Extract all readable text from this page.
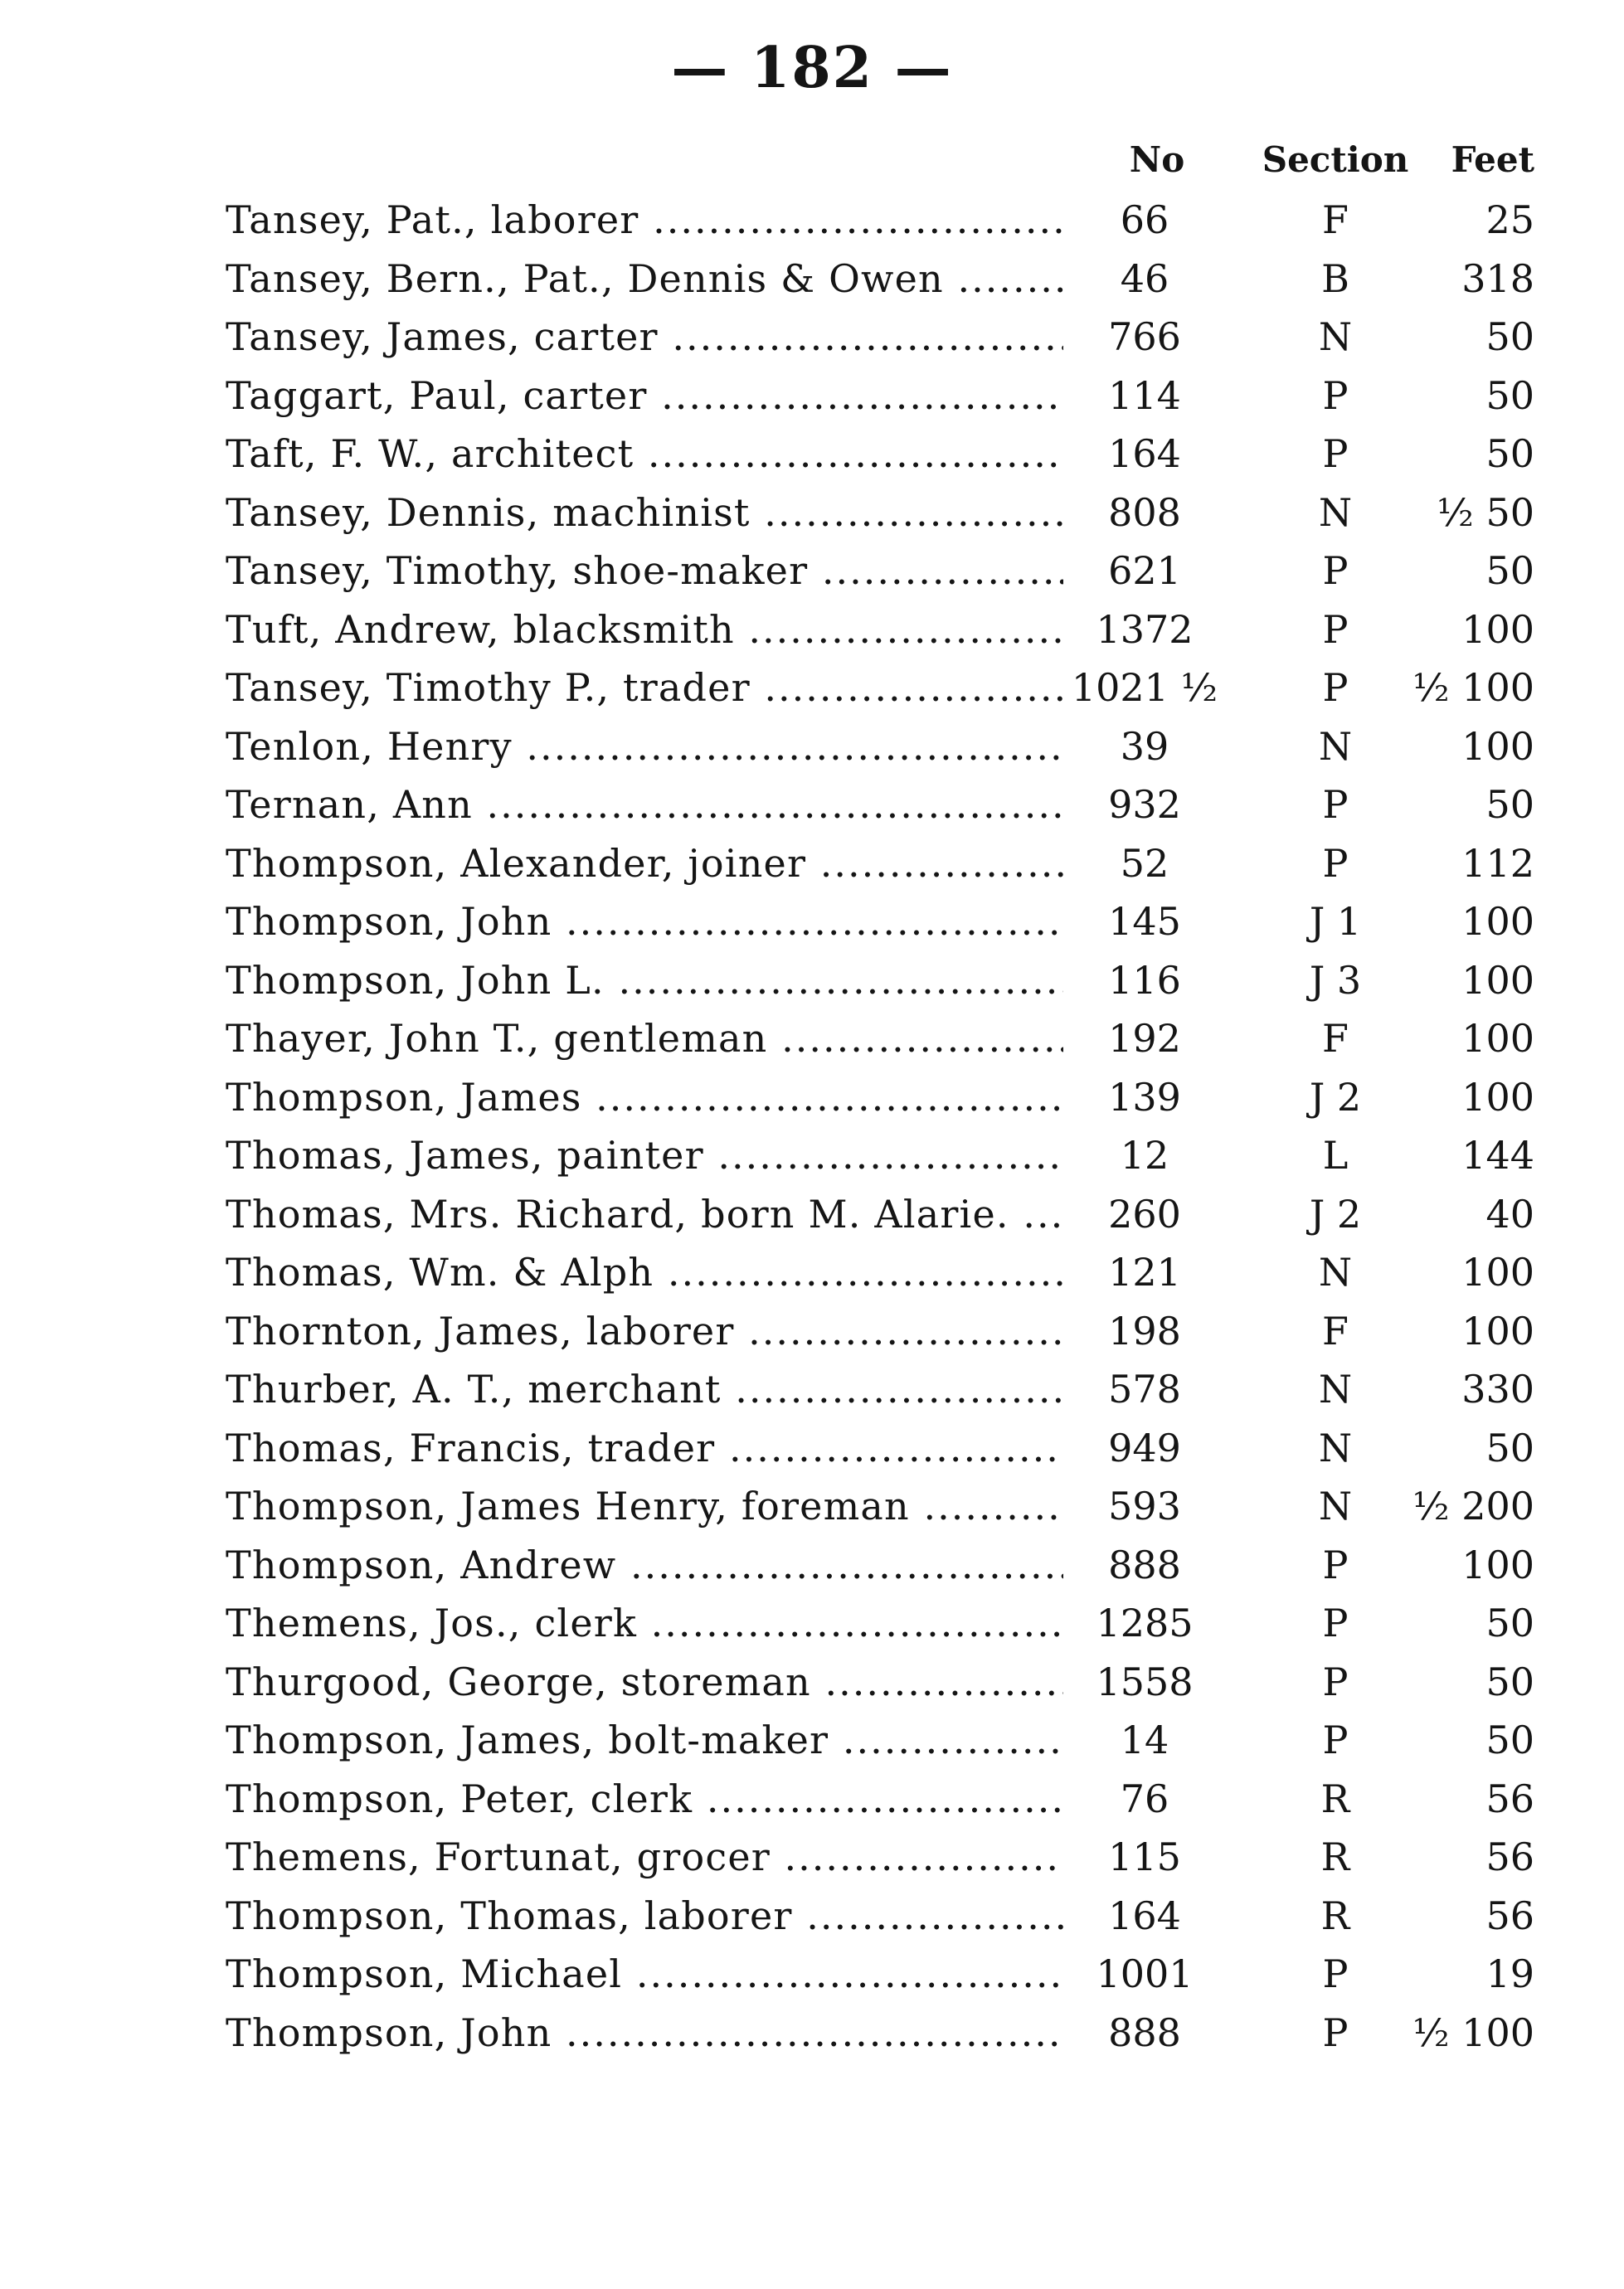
— 182 —
No	Section	Feet
Tansey, Pat., laborer .....	66	F	25
Tansey, Bern., Pat., Dennis & Owen .....	46	B	318
Tansey, James, carter .....	766	N	50
Taggart, Paul, carter .....	114	P	50
Taft, F. W., architect .....	164	P	50
Tansey, Dennis, machinist .....	808	N	½ 50
Tansey, Timothy, shoe-maker .....	621	P	50
Tuft, Andrew, blacksmith .....	1372	P	100
Tansey, Timothy P., trader .....	1021 ½	P	½ 100
Tenlon, Henry .....	39	N	100
Ternan, Ann .....	932	P	50
Thompson, Alexander, joiner .....	52	P	112
Thompson, John .....	145	J 1	100
Thompson, John L. .....	116	J 3	100
Thayer, John T., gentleman .....	192	F	100
Thompson, James .....	139	J 2	100
Thomas, James, painter .....	12	L	144
Thomas, Mrs. Richard, born M. Alarie. .....	260	J 2	40
Thomas, Wm. & Alph .....	121	N	100
Thornton, James, laborer .....	198	F	100
Thurber, A. T., merchant .....	578	N	330
Thomas, Francis, trader .....	949	N	50
Thompson, James Henry, foreman .....	593	N	½ 200
Thompson, Andrew .....	888	P	100
Themens, Jos., clerk .....	1285	P	50
Thurgood, George, storeman .....	1558	P	50
Thompson, James, bolt-maker .....	14	P	50
Thompson, Peter, clerk .....	76	R	56
Themens, Fortunat, grocer .....	115	R	56
Thompson, Thomas, laborer .....	164	R	56
Thompson, Michael .....	1001	P	19
Thompson, John .....	888	P	½ 100
